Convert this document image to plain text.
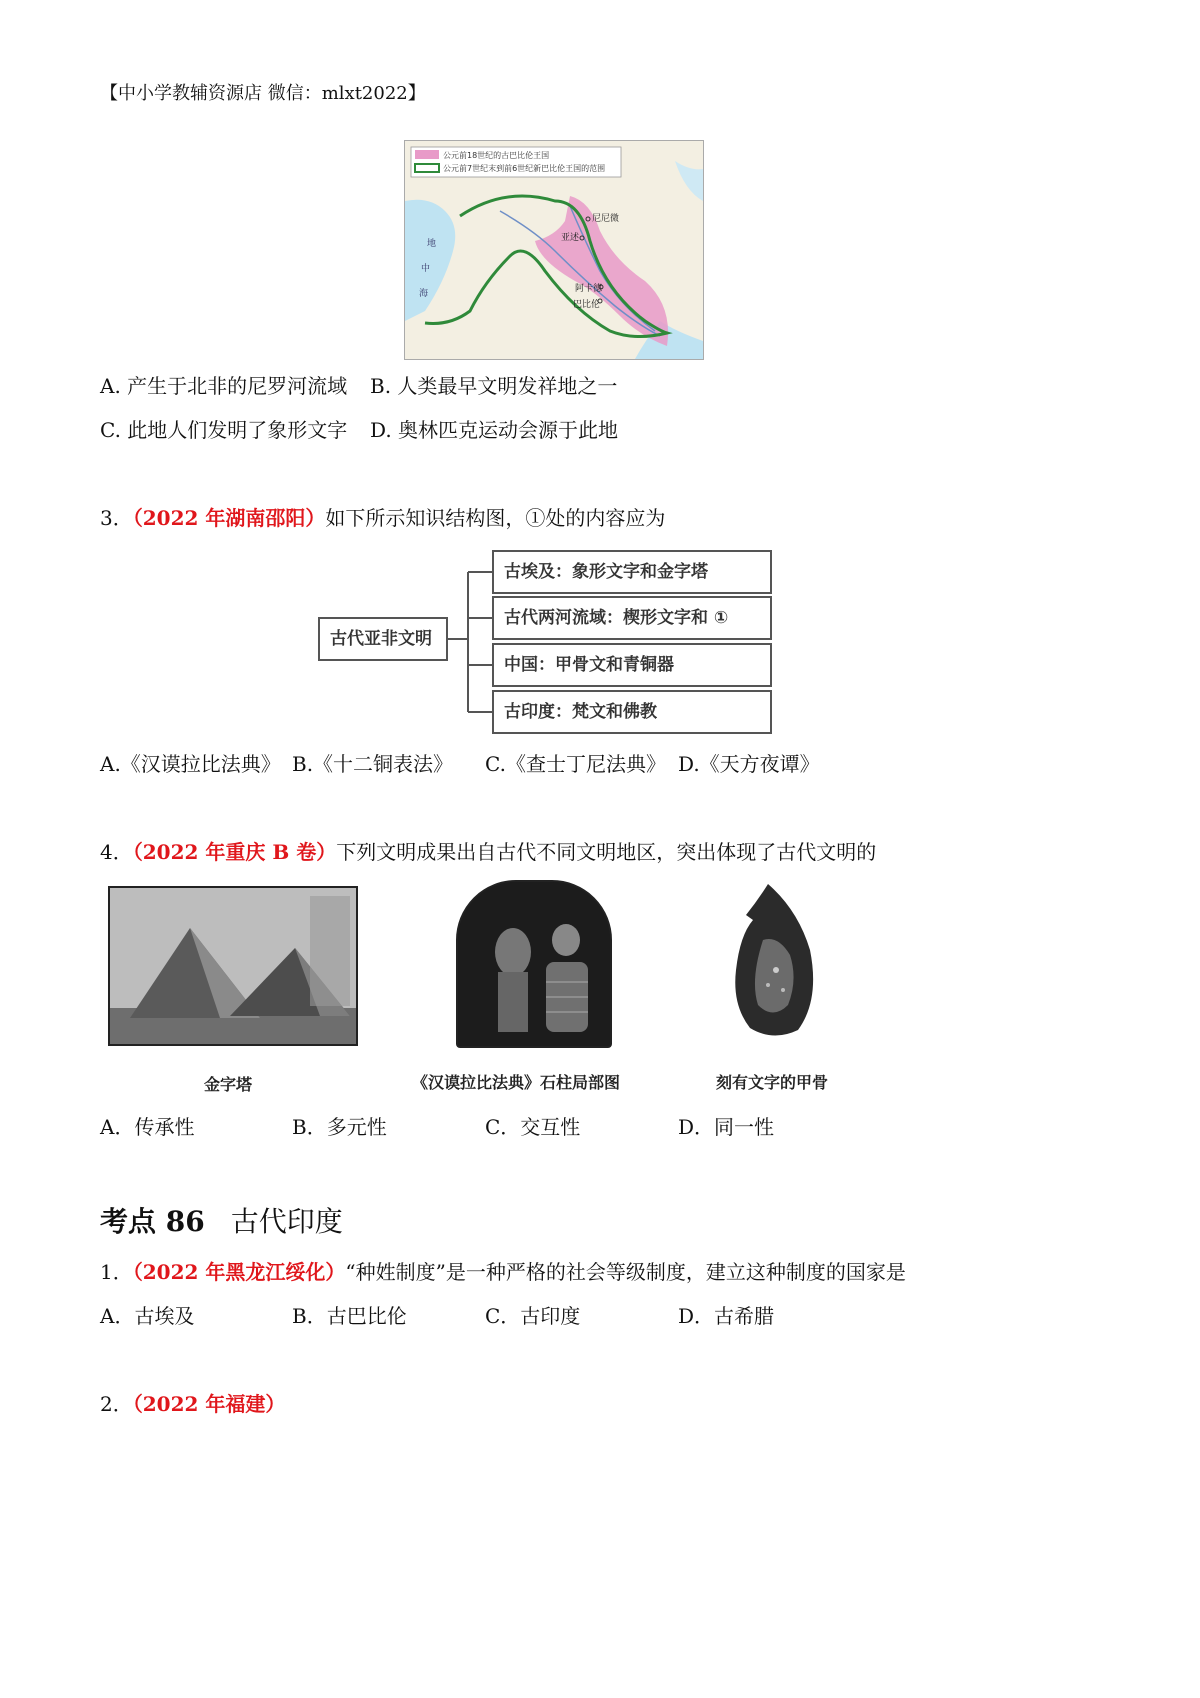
【中小学教辅资源店 微信：mlxt2022】
公元前18世纪的古巴比伦王国
公元前7世纪末到前6世纪新巴比伦王国的范围
尼尼微
亚述
阿卡德
巴比伦
地
中
海
A. 产生于北非的尼罗河流域 B. 人类最早文明发祥地之一
C. 此地人们发明了象形文字 D. 奥林匹克运动会源于此地
3．（2022 年湖南邵阳）如下所示知识结构图，①处的内容应为
古代亚非文明
古埃及：象形文字和金字塔
古代两河流域：楔形文字和 ①
中国：甲骨文和青铜器
古印度：梵文和佛教
A.《汉谟拉比法典》 B.《十二铜表法》 C.《查士丁尼法典》 D.《天方夜谭》
4．（2022 年重庆 B 卷）下列文明成果出自古代不同文明地区，突出体现了古代文明的
金字塔	《汉谟拉比法典》石柱局部图	刻有文字的甲骨
A．传承性	B．多元性	C．交互性	D．同一性
考点 86 古代印度
1．（2022 年黑龙江绥化）“种姓制度”是一种严格的社会等级制度，建立这种制度的国家是
A．古埃及	B．古巴比伦	C．古印度	D．古希腊
2．（2022 年福建）
